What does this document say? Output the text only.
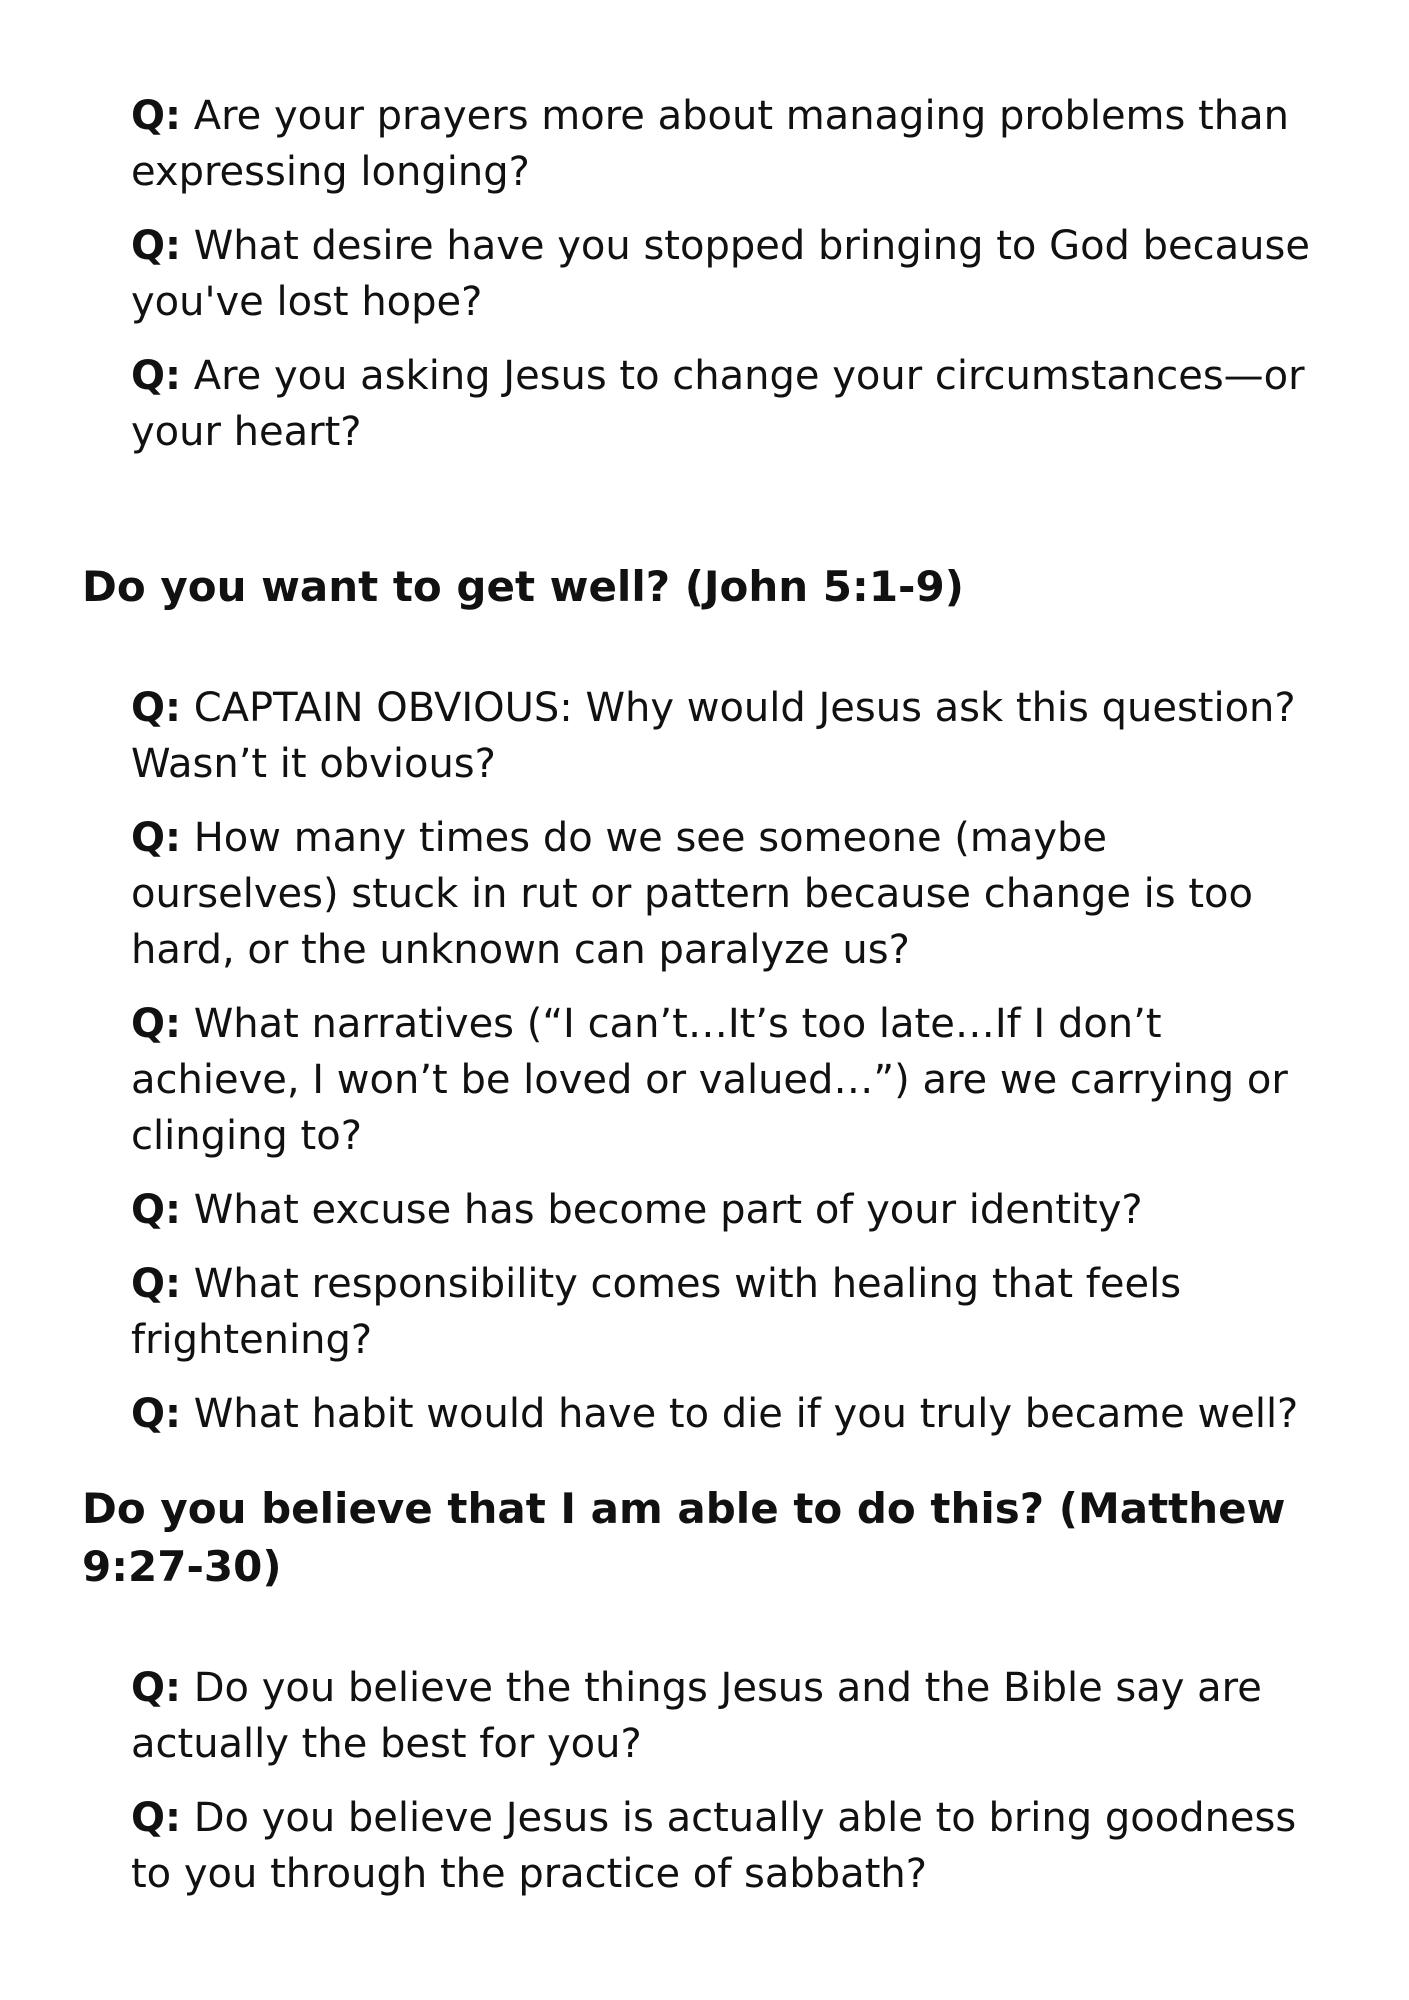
Q: Are your prayers more about managing problems than expressing longing?
Q: What desire have you stopped bringing to God because you've lost hope?
Q: Are you asking Jesus to change your circumstances—or your heart?
Do you want to get well? (John 5:1-9)
Q: CAPTAIN OBVIOUS: Why would Jesus ask this question? Wasn’t it obvious?
Q: How many times do we see someone (maybe ourselves) stuck in rut or pattern because change is too hard, or the unknown can paralyze us?
Q: What narratives (“I can’t…It’s too late…If I don’t achieve, I won’t be loved or valued…”) are we carrying or clinging to?
Q: What excuse has become part of your identity?
Q: What responsibility comes with healing that feels frightening?
Q: What habit would have to die if you truly became well?
Do you believe that I am able to do this? (Matthew 9:27-30)
Q: Do you believe the things Jesus and the Bible say are actually the best for you?
Q: Do you believe Jesus is actually able to bring goodness to you through the practice of sabbath?
